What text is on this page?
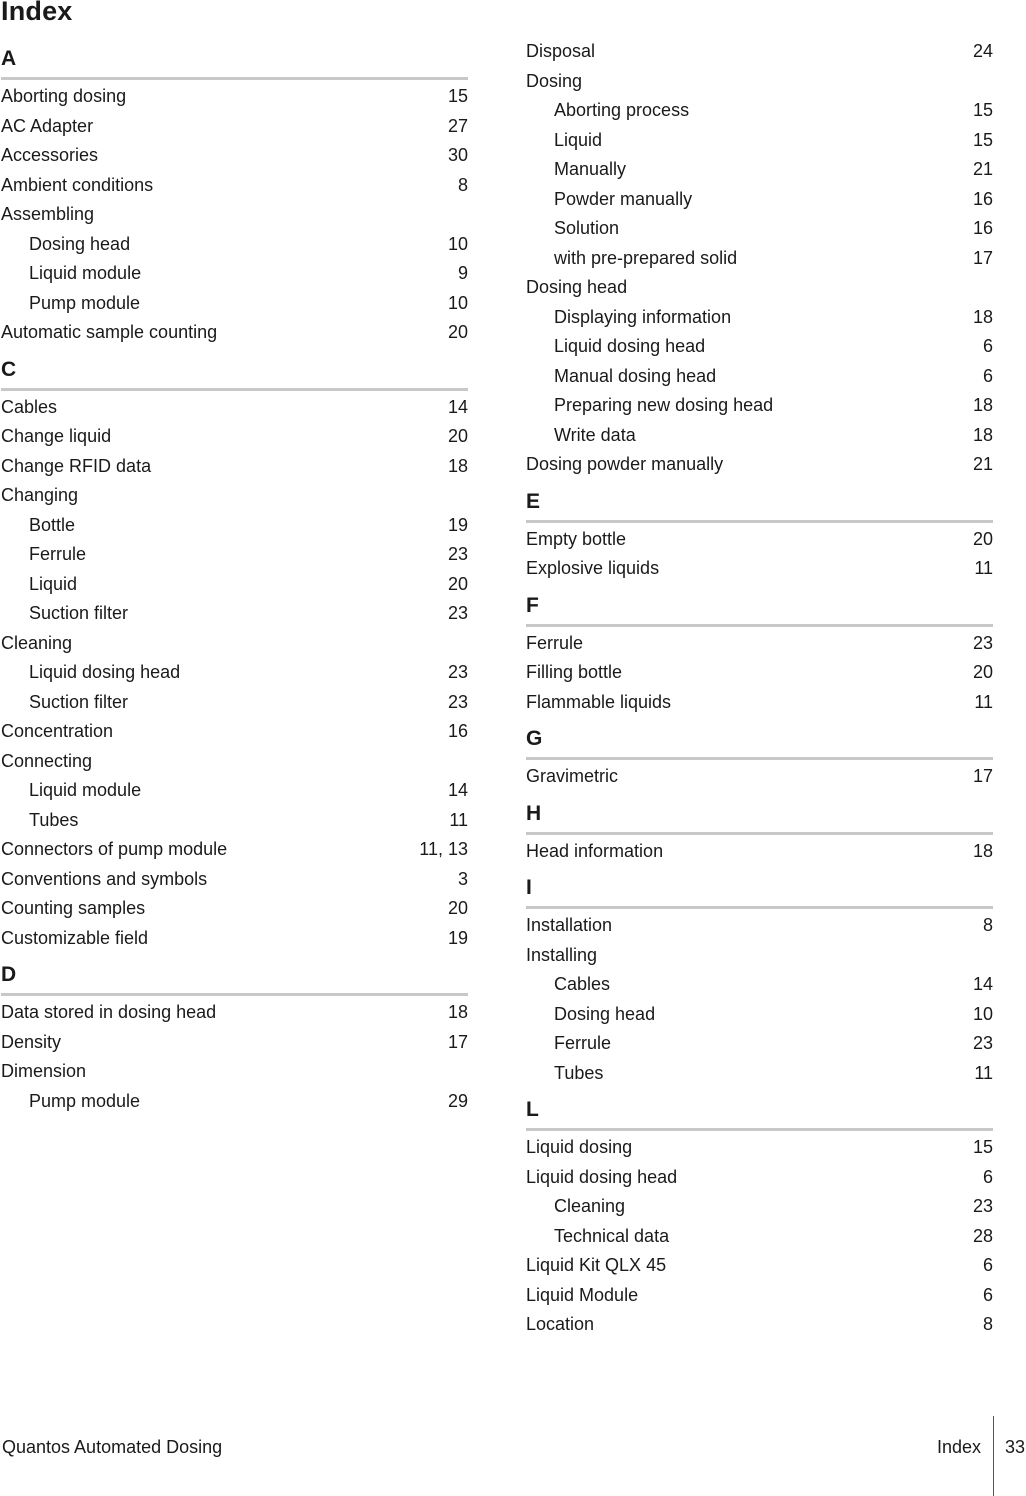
Index
A
Aborting dosing	15
AC Adapter	27
Accessories	30
Ambient conditions	8
Assembling
Dosing head	10
Liquid module	9
Pump module	10
Automatic sample counting	20
C
Cables	14
Change liquid	20
Change RFID data	18
Changing
Bottle	19
Ferrule	23
Liquid	20
Suction filter	23
Cleaning
Liquid dosing head	23
Suction filter	23
Concentration	16
Connecting
Liquid module	14
Tubes	11
Connectors of pump module	11, 13
Conventions and symbols	3
Counting samples	20
Customizable field	19
D
Data stored in dosing head	18
Density	17
Dimension
Pump module	29
Disposal	24
Dosing
Aborting process	15
Liquid	15
Manually	21
Powder manually	16
Solution	16
with pre-prepared solid	17
Dosing head
Displaying information	18
Liquid dosing head	6
Manual dosing head	6
Preparing new dosing head	18
Write data	18
Dosing powder manually	21
E
Empty bottle	20
Explosive liquids	11
F
Ferrule	23
Filling bottle	20
Flammable liquids	11
G
Gravimetric	17
H
Head information	18
I
Installation	8
Installing
Cables	14
Dosing head	10
Ferrule	23
Tubes	11
L
Liquid dosing	15
Liquid dosing head	6
Cleaning	23
Technical data	28
Liquid Kit QLX 45	6
Liquid Module	6
Location	8
Quantos Automated Dosing	Index 33
